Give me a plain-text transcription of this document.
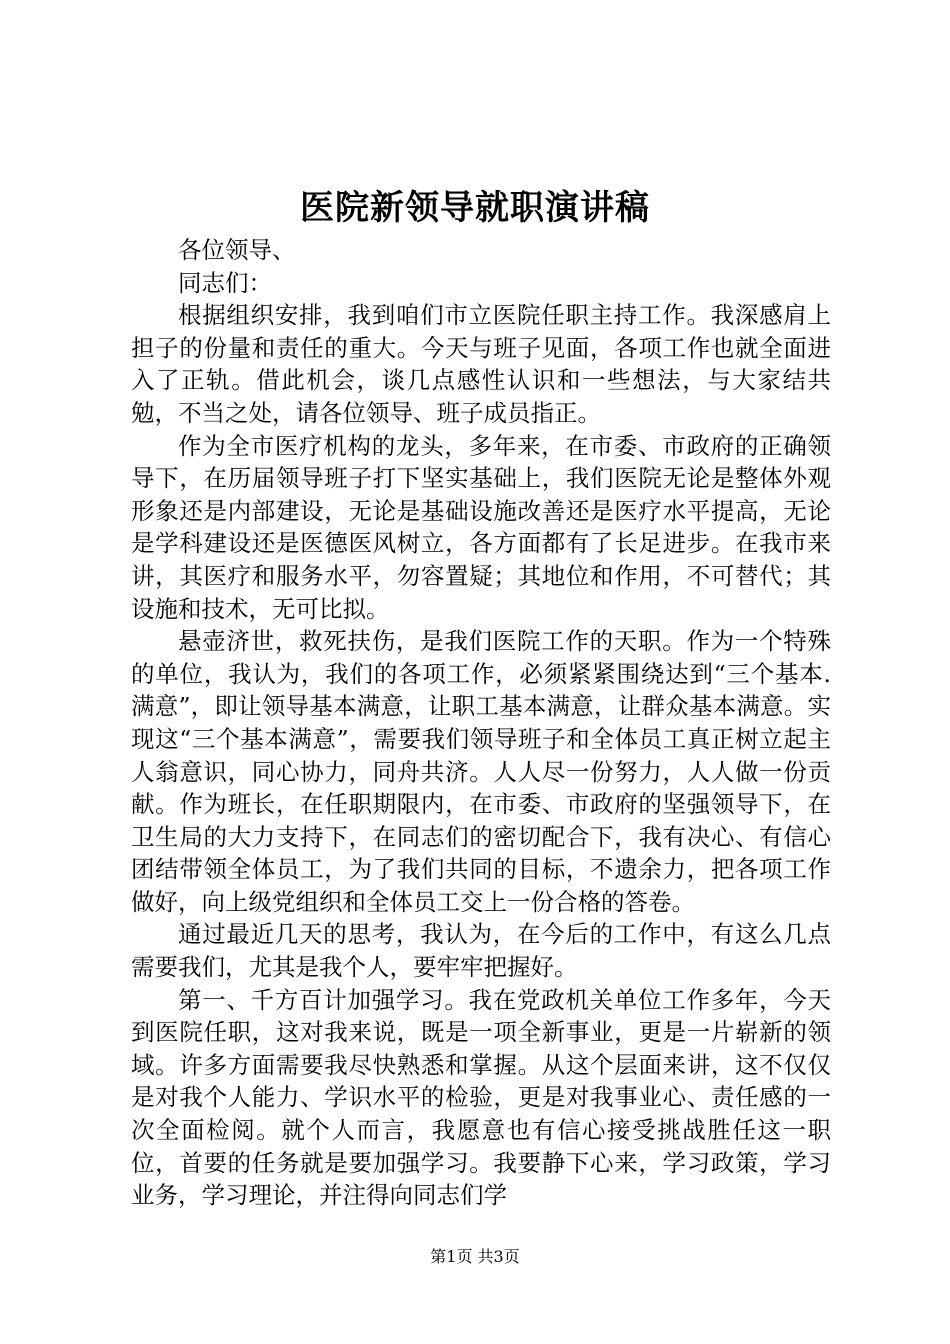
医院新领导就职演讲稿

各位领导、

同志们：

根据组织安排，我到咱们市立医院任职主持工作。我深感肩上担子的份量和责任的重大。今天与班子见面，各项工作也就全面进入了正轨。借此机会，谈几点感性认识和一些想法，与大家结共勉，不当之处，请各位领导、班子成员指正。

作为全市医疗机构的龙头，多年来，在市委、市政府的正确领导下，在历届领导班子打下坚实基础上，我们医院无论是整体外观形象还是内部建设，无论是基础设施改善还是医疗水平提高，无论是学科建设还是医德医风树立，各方面都有了长足进步。在我市来讲，其医疗和服务水平，勿容置疑；其地位和作用，不可替代；其设施和技术，无可比拟。

悬壶济世，救死扶伤，是我们医院工作的天职。作为一个特殊的单位，我认为，我们的各项工作，必须紧紧围绕达到“三个基本.满意”，即让领导基本满意，让职工基本满意，让群众基本满意。实现这“三个基本满意”，需要我们领导班子和全体员工真正树立起主人翁意识，同心协力，同舟共济。人人尽一份努力，人人做一份贡献。作为班长，在任职期限内，在市委、市政府的坚强领导下，在卫生局的大力支持下，在同志们的密切配合下，我有决心、有信心团结带领全体员工，为了我们共同的目标，不遗余力，把各项工作做好，向上级党组织和全体员工交上一份合格的答卷。

通过最近几天的思考，我认为，在今后的工作中，有这么几点需要我们，尤其是我个人，要牢牢把握好。

第一、千方百计加强学习。我在党政机关单位工作多年，今天到医院任职，这对我来说，既是一项全新事业，更是一片崭新的领域。许多方面需要我尽快熟悉和掌握。从这个层面来讲，这不仅仅是对我个人能力、学识水平的检验，更是对我事业心、责任感的一次全面检阅。就个人而言，我愿意也有信心接受挑战胜任这一职位，首要的任务就是要加强学习。我要静下心来，学习政策，学习业务，学习理论，并注得向同志们学

第1页 共3页
